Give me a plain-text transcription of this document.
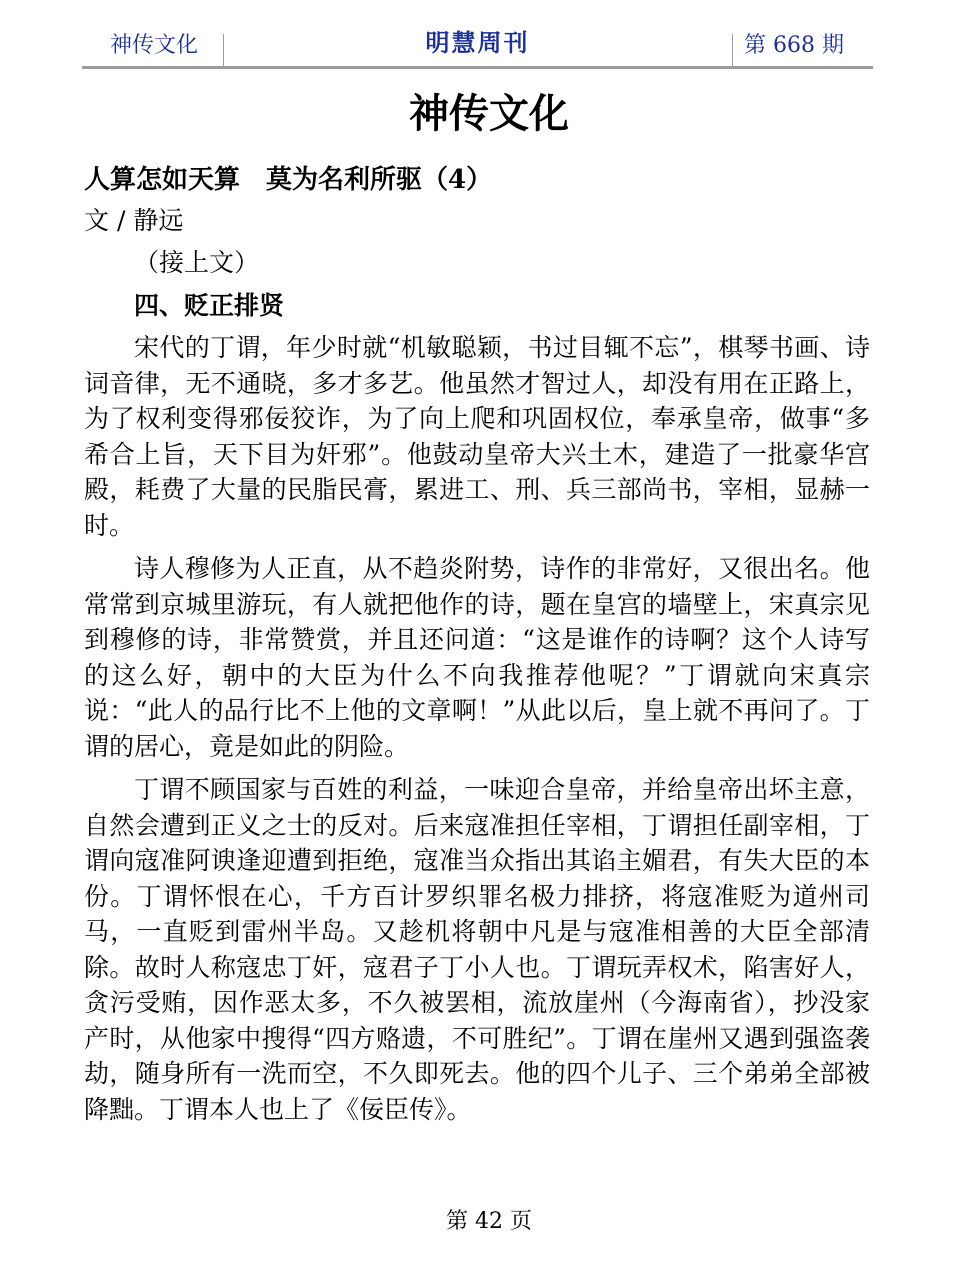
神传文化	明慧周刊	第 668 期
神传文化

人算怎如天算　莫为名利所驱（4）

文 / 静远

（接上文）

四、贬正排贤

宋代的丁谓，年少时就“机敏聪颖，书过目辄不忘”，棋琴书画、诗词音律，无不通晓，多才多艺。他虽然才智过人，却没有用在正路上，为了权利变得邪佞狡诈，为了向上爬和巩固权位，奉承皇帝，做事“多希合上旨，天下目为奸邪”。他鼓动皇帝大兴土木，建造了一批豪华宫殿，耗费了大量的民脂民膏，累进工、刑、兵三部尚书，宰相，显赫一时。

诗人穆修为人正直，从不趋炎附势，诗作的非常好，又很出名。他常常到京城里游玩，有人就把他作的诗，题在皇宫的墙壁上，宋真宗见到穆修的诗，非常赞赏，并且还问道：“这是谁作的诗啊？这个人诗写的这么好，朝中的大臣为什么不向我推荐他呢？”丁谓就向宋真宗说：“此人的品行比不上他的文章啊！”从此以后，皇上就不再问了。丁谓的居心，竟是如此的阴险。

丁谓不顾国家与百姓的利益，一味迎合皇帝，并给皇帝出坏主意，自然会遭到正义之士的反对。后来寇准担任宰相，丁谓担任副宰相，丁谓向寇准阿谀逢迎遭到拒绝，寇准当众指出其谄主媚君，有失大臣的本份。丁谓怀恨在心，千方百计罗织罪名极力排挤，将寇准贬为道州司马，一直贬到雷州半岛。又趁机将朝中凡是与寇准相善的大臣全部清除。故时人称寇忠丁奸，寇君子丁小人也。丁谓玩弄权术，陷害好人，贪污受贿，因作恶太多，不久被罢相，流放崖州（今海南省），抄没家产时，从他家中搜得“四方赂遗，不可胜纪”。丁谓在崖州又遇到强盗袭劫，随身所有一洗而空，不久即死去。他的四个儿子、三个弟弟全部被降黜。丁谓本人也上了《佞臣传》。

第 42 页
